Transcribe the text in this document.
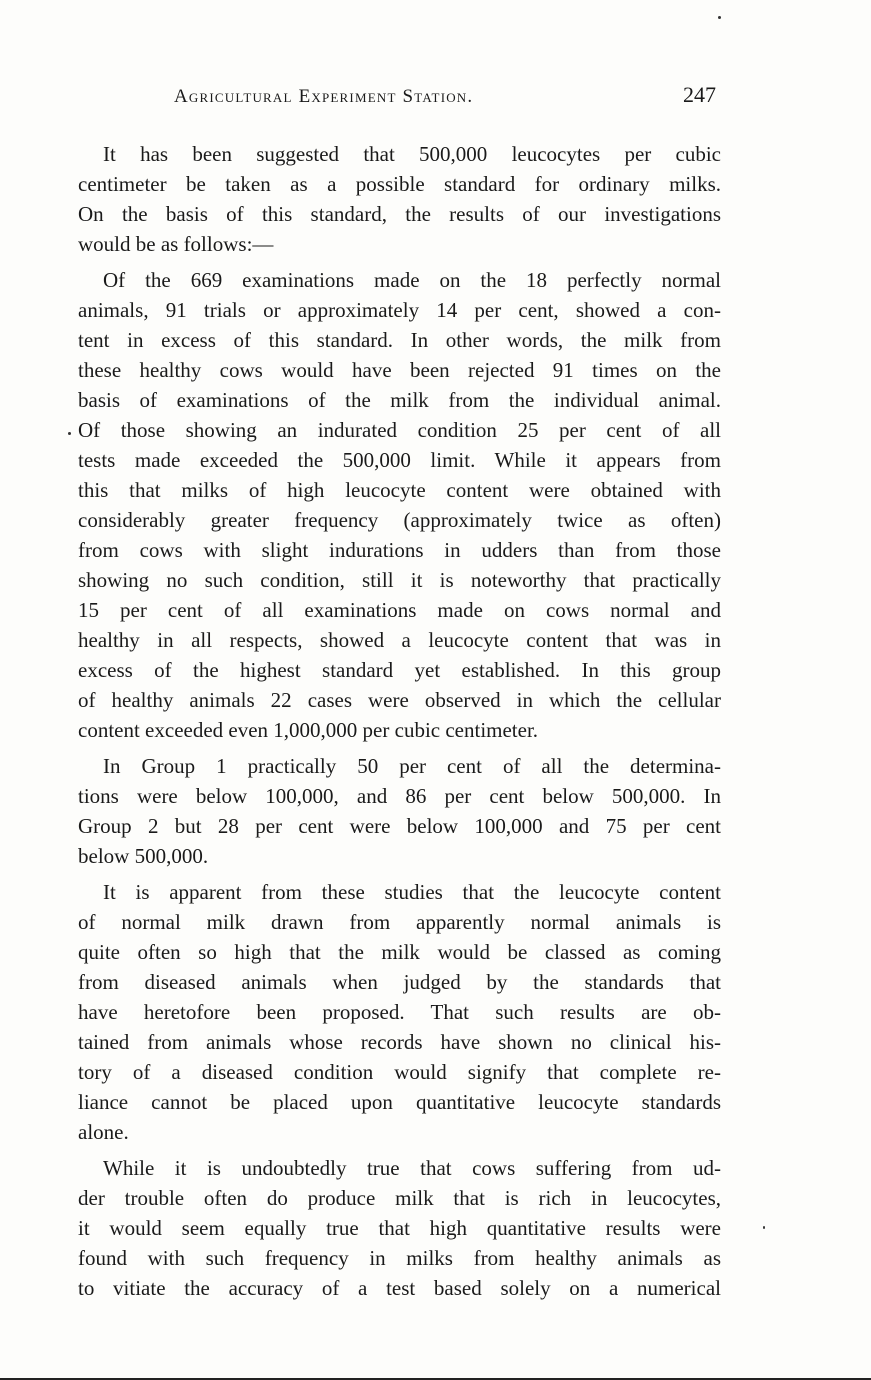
Agricultural Experiment Station.	247
It has been suggested that 500,000 leucocytes per cubic
centimeter be taken as a possible standard for ordinary milks.
On the basis of this standard, the results of our investigations
would be as follows:—
Of the 669 examinations made on the 18 perfectly normal
animals, 91 trials or approximately 14 per cent, showed a con-
tent in excess of this standard. In other words, the milk from
these healthy cows would have been rejected 91 times on the
basis of examinations of the milk from the individual animal.
Of those showing an indurated condition 25 per cent of all
tests made exceeded the 500,000 limit. While it appears from
this that milks of high leucocyte content were obtained with
considerably greater frequency (approximately twice as often)
from cows with slight indurations in udders than from those
showing no such condition, still it is noteworthy that practically
15 per cent of all examinations made on cows normal and
healthy in all respects, showed a leucocyte content that was in
excess of the highest standard yet established. In this group
of healthy animals 22 cases were observed in which the cellular
content exceeded even 1,000,000 per cubic centimeter.
In Group 1 practically 50 per cent of all the determina-
tions were below 100,000, and 86 per cent below 500,000. In
Group 2 but 28 per cent were below 100,000 and 75 per cent
below 500,000.
It is apparent from these studies that the leucocyte content
of normal milk drawn from apparently normal animals is
quite often so high that the milk would be classed as coming
from diseased animals when judged by the standards that
have heretofore been proposed. That such results are ob-
tained from animals whose records have shown no clinical his-
tory of a diseased condition would signify that complete re-
liance cannot be placed upon quantitative leucocyte standards
alone.
While it is undoubtedly true that cows suffering from ud-
der trouble often do produce milk that is rich in leucocytes,
it would seem equally true that high quantitative results were
found with such frequency in milks from healthy animals as
to vitiate the accuracy of a test based solely on a numerical
